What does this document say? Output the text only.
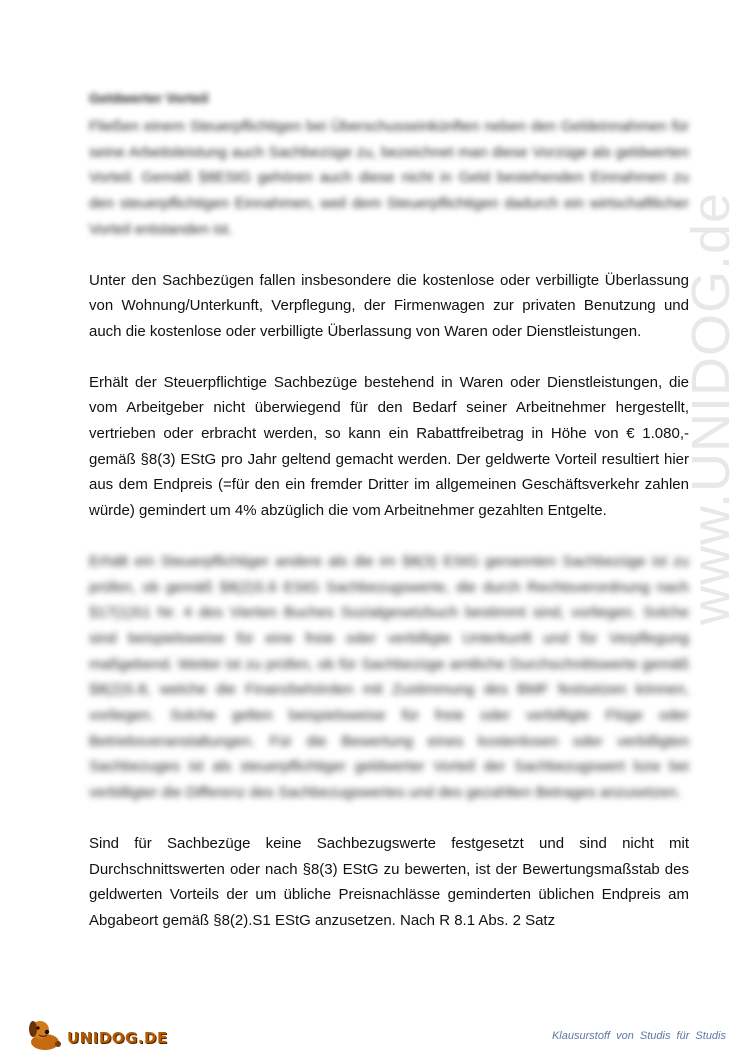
www.UNIDOG.de
Geldwerter Vorteil

Fließen einem Steuerpflichtigen bei Überschusseinkünften neben den Geldeinnahmen für seine Arbeitsleistung auch Sachbezüge zu, bezeichnet man diese Vorzüge als geldwerten Vorteil. Gemäß §8EStG gehören auch diese nicht in Geld bestehenden Einnahmen zu den steuerpflichtigen Einnahmen, weil dem Steuerpflichtigen dadurch ein wirtschaftlicher Vorteil entstanden ist.

Unter den Sachbezügen fallen insbesondere die kostenlose oder verbilligte Überlassung von Wohnung/Unterkunft, Verpflegung, der Firmenwagen zur privaten Benutzung und auch die kostenlose oder verbilligte Überlassung von Waren oder Dienstleistungen.

Erhält der Steuerpflichtige Sachbezüge bestehend in Waren oder Dienstleistungen, die vom Arbeitgeber nicht überwiegend für den Bedarf seiner Arbeitnehmer hergestellt, vertrieben oder erbracht werden, so kann ein Rabattfreibetrag in Höhe von € 1.080,- gemäß §8(3) EStG pro Jahr geltend gemacht werden. Der geldwerte Vorteil resultiert hier aus dem Endpreis (=für den ein fremder Dritter im allgemeinen Geschäftsverkehr zahlen würde) gemindert um 4% abzüglich die vom Arbeitnehmer gezahlten Entgelte.

Erhält ein Steuerpflichtiger andere als die im §8(3) EStG genannten Sachbezüge ist zu prüfen, ob gemäß §8(2)S.6 EStG Sachbezugswerte, die durch Rechtsverordnung nach §17(1)S1 Nr. 4 des Vierten Buches Sozialgesetzbuch bestimmt sind, vorliegen. Solche sind beispielsweise für eine freie oder verbilligte Unterkunft und für Verpflegung maßgebend. Weiter ist zu prüfen, ob für Sachbezüge amtliche Durchschnittswerte gemäß §8(2)S.8, welche die Finanzbehörden mit Zustimmung des BMF festsetzen können, vorliegen. Solche gelten beispielsweise für freie oder verbilligte Flüge oder Betriebsveranstaltungen. Für die Bewertung eines kostenlosen oder verbilligten Sachbezuges ist als steuerpflichtiger geldwerter Vorteil der Sachbezugswert bzw bei verbilligter die Differenz des Sachbezugswertes und des gezahlten Betrages anzusetzen.

Sind für Sachbezüge keine Sachbezugswerte festgesetzt und sind nicht mit Durchschnittswerten oder nach §8(3) EStG zu bewerten, ist der Bewertungsmaßstab des geldwerten Vorteils der um übliche Preisnachlässe geminderten üblichen Endpreis am Abgabeort gemäß §8(2).S1 EStG anzusetzen. Nach R 8.1 Abs. 2 Satz

UNIDOG.DE	Klausurstoff von Studis für Studis
